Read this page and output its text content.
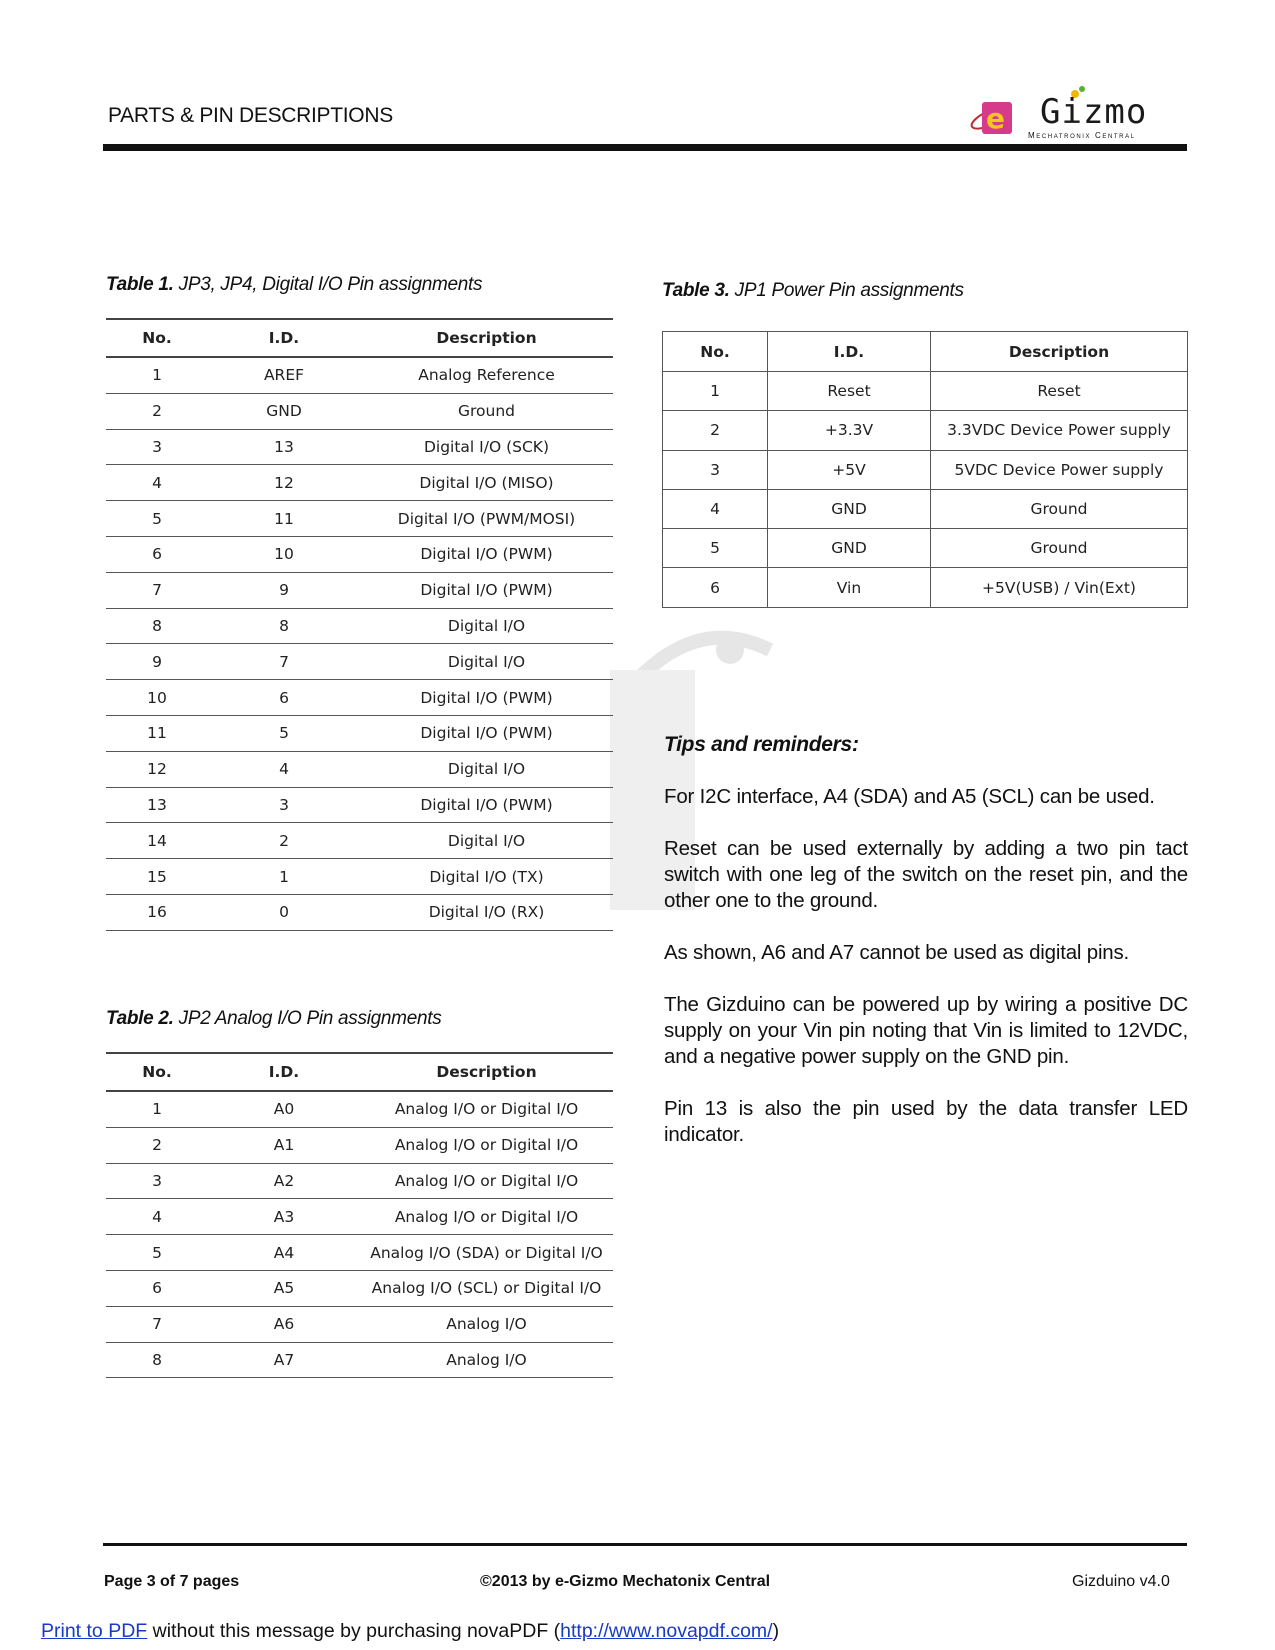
PARTS & PIN DESCRIPTIONS	e Gizmo
Mechatronix Central
Table 1. JP3, JP4, Digital I/O Pin assignments
No.	I.D.	Description
1	AREF	Analog Reference
2	GND	Ground
3	13	Digital I/O (SCK)
4	12	Digital I/O (MISO)
5	11	Digital I/O (PWM/MOSI)
6	10	Digital I/O (PWM)
7	9	Digital I/O (PWM)
8	8	Digital I/O
9	7	Digital I/O
10	6	Digital I/O (PWM)
11	5	Digital I/O (PWM)
12	4	Digital I/O
13	3	Digital I/O (PWM)
14	2	Digital I/O
15	1	Digital I/O (TX)
16	0	Digital I/O (RX)
Table 2. JP2 Analog I/O Pin assignments
No.	I.D.	Description
1	A0	Analog I/O or Digital I/O
2	A1	Analog I/O or Digital I/O
3	A2	Analog I/O or Digital I/O
4	A3	Analog I/O or Digital I/O
5	A4	Analog I/O (SDA) or Digital I/O
6	A5	Analog I/O (SCL) or Digital I/O
7	A6	Analog I/O
8	A7	Analog I/O
Table 3. JP1 Power Pin assignments
No.	I.D.	Description
1	Reset	Reset
2	+3.3V	3.3VDC Device Power supply
3	+5V	5VDC Device Power supply
4	GND	Ground
5	GND	Ground
6	Vin	+5V(USB) / Vin(Ext)
Tips and reminders:

For I2C interface, A4 (SDA) and A5 (SCL) can be used.

Reset can be used externally by adding a two pin tact switch with one leg of the switch on the reset pin, and the other one to the ground.

As shown, A6 and A7 cannot be used as digital pins.

The Gizduino can be powered up by wiring a positive DC supply on your Vin pin noting that Vin is limited to 12VDC, and a negative power supply on the GND pin.

Pin 13 is also the pin used by the data transfer LED indicator.

Page 3 of 7 pages	©2013 by e-Gizmo Mechatonix Central	Gizduino v4.0
Print to PDF without this message by purchasing novaPDF (http://www.novapdf.com/)
